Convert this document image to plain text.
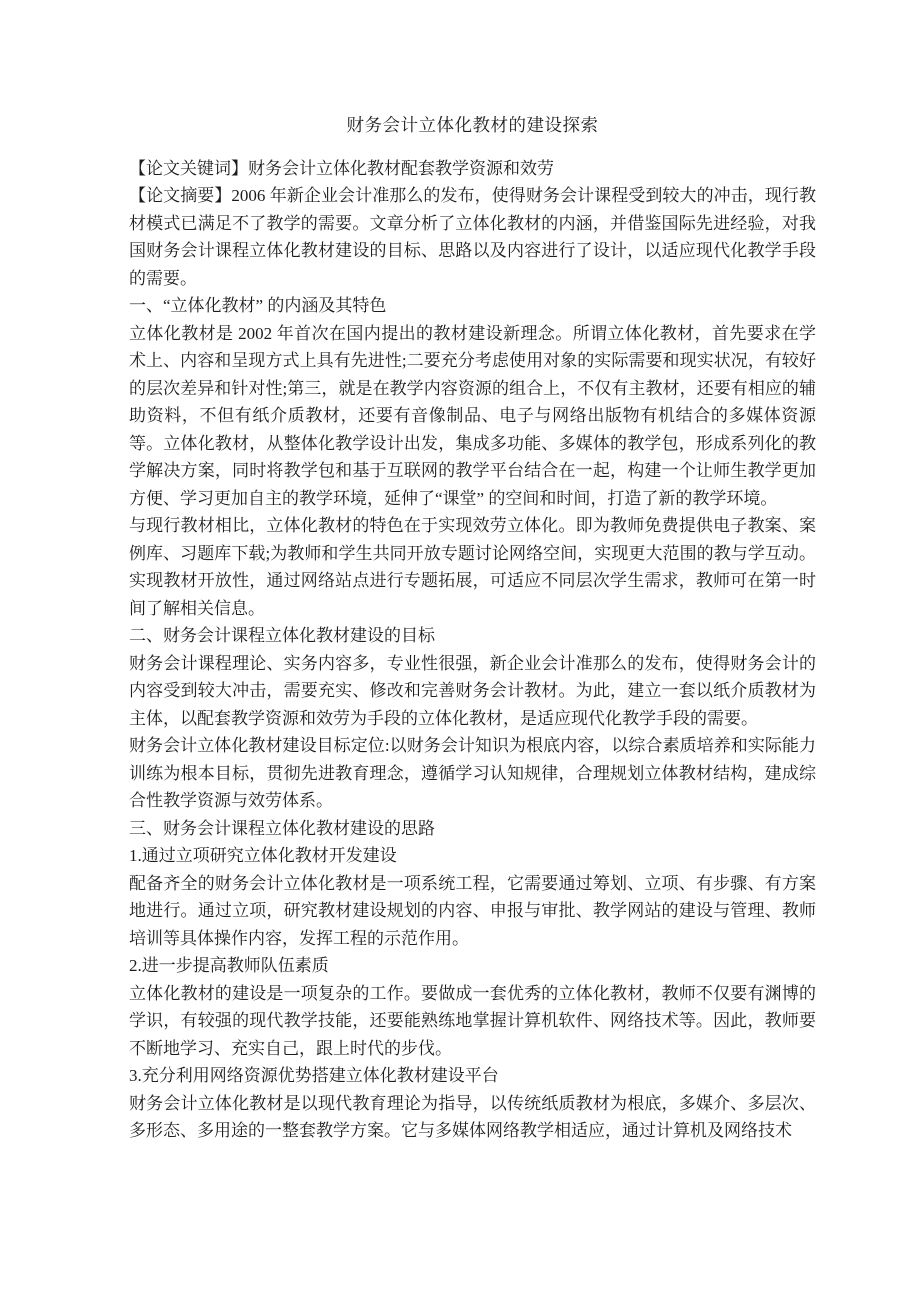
财务会计立体化教材的建设探索
【论文关键词】财务会计立体化教材配套教学资源和效劳
【论文摘要】2006 年新企业会计准那么的发布，使得财务会计课程受到较大的冲击，现行教材模式已满足不了教学的需要。文章分析了立体化教材的内涵，并借鉴国际先进经验，对我国财务会计课程立体化教材建设的目标、思路以及内容进行了设计，以适应现代化教学手段的需要。
一、“立体化教材” 的内涵及其特色
立体化教材是 2002 年首次在国内提出的教材建设新理念。所谓立体化教材，首先要求在学术上、内容和呈现方式上具有先进性;二要充分考虑使用对象的实际需要和现实状况，有较好的层次差异和针对性;第三，就是在教学内容资源的组合上，不仅有主教材，还要有相应的辅助资料，不但有纸介质教材，还要有音像制品、电子与网络出版物有机结合的多媒体资源等。立体化教材，从整体化教学设计出发，集成多功能、多媒体的教学包，形成系列化的教学解决方案，同时将教学包和基于互联网的教学平台结合在一起，构建一个让师生教学更加方便、学习更加自主的教学环境，延伸了“课堂” 的空间和时间，打造了新的教学环境。
与现行教材相比，立体化教材的特色在于实现效劳立体化。即为教师免费提供电子教案、案例库、习题库下载;为教师和学生共同开放专题讨论网络空间，实现更大范围的教与学互动。实现教材开放性，通过网络站点进行专题拓展，可适应不同层次学生需求，教师可在第一时间了解相关信息。
二、财务会计课程立体化教材建设的目标
财务会计课程理论、实务内容多，专业性很强，新企业会计准那么的发布，使得财务会计的内容受到较大冲击，需要充实、修改和完善财务会计教材。为此，建立一套以纸介质教材为主体，以配套教学资源和效劳为手段的立体化教材，是适应现代化教学手段的需要。
财务会计立体化教材建设目标定位:以财务会计知识为根底内容，以综合素质培养和实际能力训练为根本目标，贯彻先进教育理念，遵循学习认知规律，合理规划立体教材结构，建成综合性教学资源与效劳体系。
三、财务会计课程立体化教材建设的思路
1.通过立项研究立体化教材开发建设
配备齐全的财务会计立体化教材是一项系统工程，它需要通过筹划、立项、有步骤、有方案地进行。通过立项，研究教材建设规划的内容、申报与审批、教学网站的建设与管理、教师培训等具体操作内容，发挥工程的示范作用。
2.进一步提高教师队伍素质
立体化教材的建设是一项复杂的工作。要做成一套优秀的立体化教材，教师不仅要有渊博的学识，有较强的现代教学技能，还要能熟练地掌握计算机软件、网络技术等。因此，教师要不断地学习、充实自己，跟上时代的步伐。
3.充分利用网络资源优势搭建立体化教材建设平台
财务会计立体化教材是以现代教育理论为指导，以传统纸质教材为根底，多媒介、多层次、多形态、多用途的一整套教学方案。它与多媒体网络教学相适应，通过计算机及网络技术
